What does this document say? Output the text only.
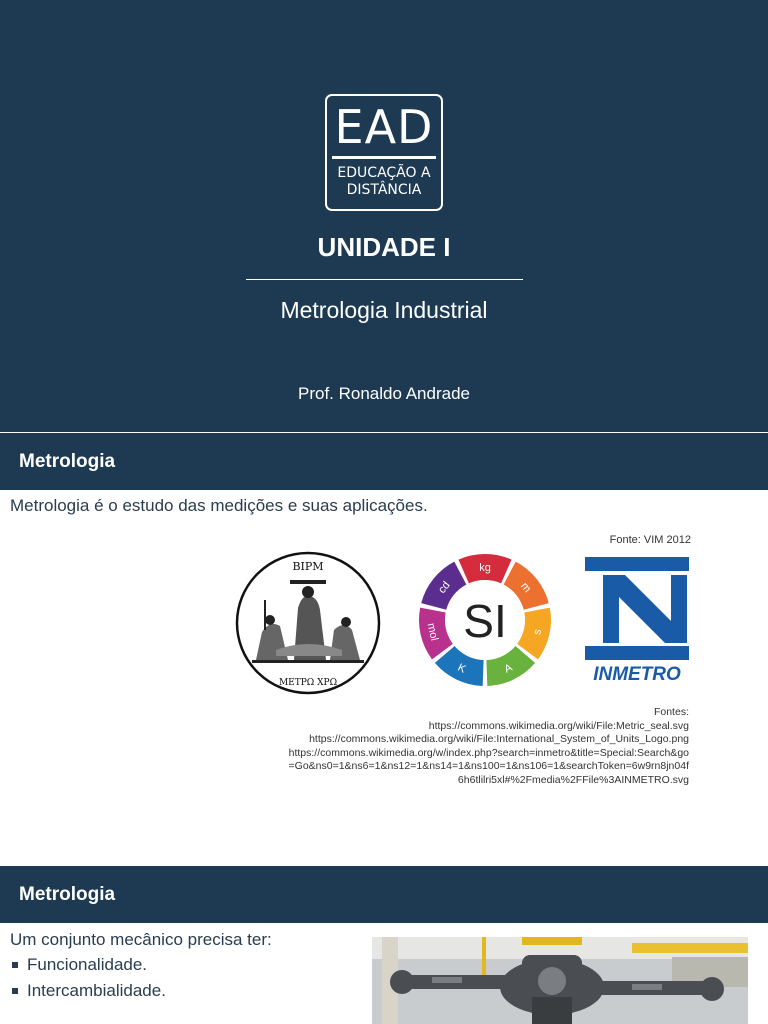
EAD
EDUCAÇÃO A
DISTÂNCIA
UNIDADE I
Metrologia Industrial
Prof. Ronaldo Andrade
Metrologia

Metrologia é o estudo das medições e suas aplicações.

Fonte: VIM 2012
BIPM
ΜΕΤΡΩ ΧΡΩ
kg
m
s
A
K
mol
cd
SI
INMETRO
Fontes:
https://commons.wikimedia.org/wiki/File:Metric_seal.svg
https://commons.wikimedia.org/wiki/File:International_System_of_Units_Logo.png
https://commons.wikimedia.org/w/index.php?search=inmetro&title=Special:Search&go
=Go&ns0=1&ns6=1&ns12=1&ns14=1&ns100=1&ns106=1&searchToken=6w9rn8jn04f
6h6tlilri5xl#%2Fmedia%2FFile%3AINMETRO.svg
Metrologia

Um conjunto mecânico precisa ter:

Funcionalidade.
Intercambialidade.
